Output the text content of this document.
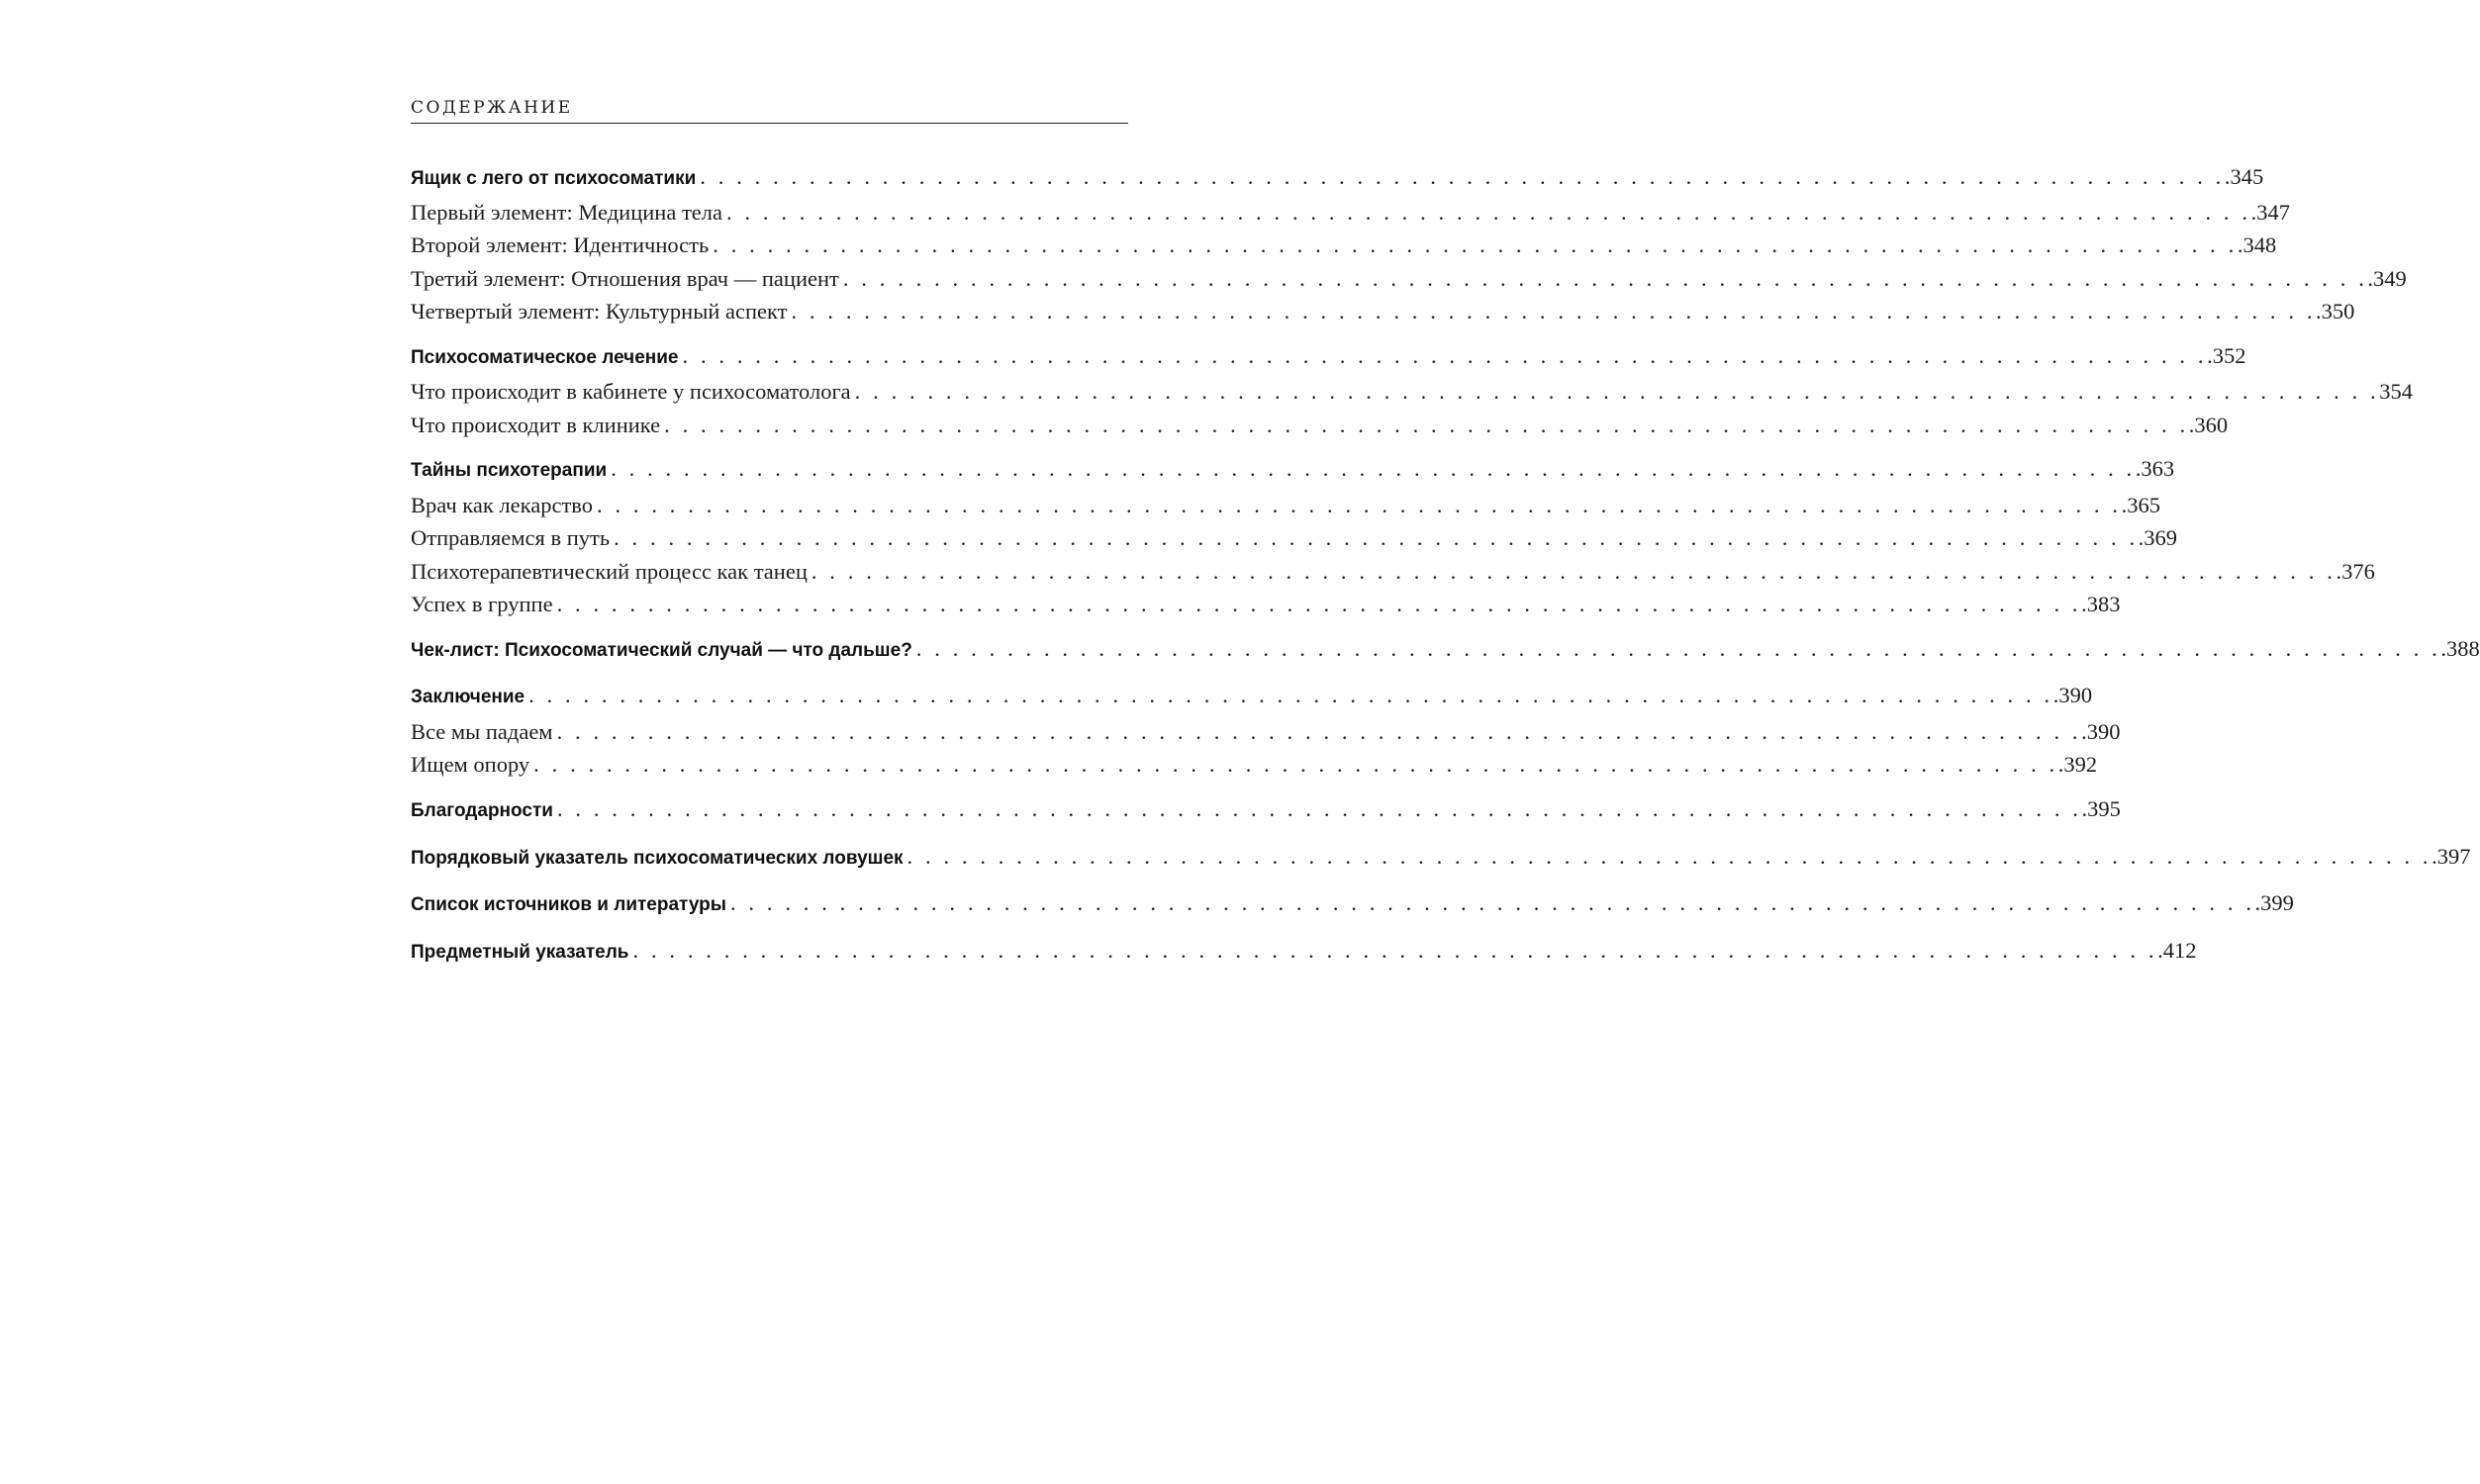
СОДЕРЖАНИЕ
Ящик с лего от психосоматики . . . . . . . . . . . . . . . . . . . . . . . . . . . . . . . . . . . . . . . . . . . . . . . . . . . . . . . . . . . . . . . . . . . . . . . . . . . . . . . . . . . . .345
Первый элемент: Медицина тела . . . . . . . . . . . . . . . . . . . . . . . . . . . . . . . . . . . . . . . . . . . . . . . . . . . . . . . . . . . . . . . . . . . . . . . . . . . . . . . . . . . . .347
Второй элемент: Идентичность . . . . . . . . . . . . . . . . . . . . . . . . . . . . . . . . . . . . . . . . . . . . . . . . . . . . . . . . . . . . . . . . . . . . . . . . . . . . . . . . . . . . .348
Третий элемент: Отношения врач — пациент . . . . . . . . . . . . . . . . . . . . . . . . . . . . . . . . . . . . . . . . . . . . . . . . . . . . . . . . . . . . . . . . . . . . . . . . . . . . . . . . . . . . .349
Четвертый элемент: Культурный аспект . . . . . . . . . . . . . . . . . . . . . . . . . . . . . . . . . . . . . . . . . . . . . . . . . . . . . . . . . . . . . . . . . . . . . . . . . . . . . . . . . . . . .350
Психосоматическое лечение . . . . . . . . . . . . . . . . . . . . . . . . . . . . . . . . . . . . . . . . . . . . . . . . . . . . . . . . . . . . . . . . . . . . . . . . . . . . . . . . . . . . .352
Что происходит в кабинете у психосоматолога . . . . . . . . . . . . . . . . . . . . . . . . . . . . . . . . . . . . . . . . . . . . . . . . . . . . . . . . . . . . . . . . . . . . . . . . . . . . . . . . . . . . 354
Что происходит в клинике . . . . . . . . . . . . . . . . . . . . . . . . . . . . . . . . . . . . . . . . . . . . . . . . . . . . . . . . . . . . . . . . . . . . . . . . . . . . . . . . . . . . .360
Тайны психотерапии . . . . . . . . . . . . . . . . . . . . . . . . . . . . . . . . . . . . . . . . . . . . . . . . . . . . . . . . . . . . . . . . . . . . . . . . . . . . . . . . . . . . .363
Врач как лекарство . . . . . . . . . . . . . . . . . . . . . . . . . . . . . . . . . . . . . . . . . . . . . . . . . . . . . . . . . . . . . . . . . . . . . . . . . . . . . . . . . . . . .365
Отправляемся в путь . . . . . . . . . . . . . . . . . . . . . . . . . . . . . . . . . . . . . . . . . . . . . . . . . . . . . . . . . . . . . . . . . . . . . . . . . . . . . . . . . . . . .369
Психотерапевтический процесс как танец . . . . . . . . . . . . . . . . . . . . . . . . . . . . . . . . . . . . . . . . . . . . . . . . . . . . . . . . . . . . . . . . . . . . . . . . . . . . . . . . . . . . .376
Успех в группе . . . . . . . . . . . . . . . . . . . . . . . . . . . . . . . . . . . . . . . . . . . . . . . . . . . . . . . . . . . . . . . . . . . . . . . . . . . . . . . . . . . . .383
Чек-лист: Психосоматический случай — что дальше? . . . . . . . . . . . . . . . . . . . . . . . . . . . . . . . . . . . . . . . . . . . . . . . . . . . . . . . . . . . . . . . . . . . . . . . . . . . . . . . . . . . . .388
Заключение . . . . . . . . . . . . . . . . . . . . . . . . . . . . . . . . . . . . . . . . . . . . . . . . . . . . . . . . . . . . . . . . . . . . . . . . . . . . . . . . . . . . .390
Все мы падаем . . . . . . . . . . . . . . . . . . . . . . . . . . . . . . . . . . . . . . . . . . . . . . . . . . . . . . . . . . . . . . . . . . . . . . . . . . . . . . . . . . . . .390
Ищем опору . . . . . . . . . . . . . . . . . . . . . . . . . . . . . . . . . . . . . . . . . . . . . . . . . . . . . . . . . . . . . . . . . . . . . . . . . . . . . . . . . . . . .392
Благодарности . . . . . . . . . . . . . . . . . . . . . . . . . . . . . . . . . . . . . . . . . . . . . . . . . . . . . . . . . . . . . . . . . . . . . . . . . . . . . . . . . . . . .395
Порядковый указатель психосоматических ловушек . . . . . . . . . . . . . . . . . . . . . . . . . . . . . . . . . . . . . . . . . . . . . . . . . . . . . . . . . . . . . . . . . . . . . . . . . . . . . . . . . . . . .397
Список источников и литературы . . . . . . . . . . . . . . . . . . . . . . . . . . . . . . . . . . . . . . . . . . . . . . . . . . . . . . . . . . . . . . . . . . . . . . . . . . . . . . . . . . . . .399
Предметный указатель . . . . . . . . . . . . . . . . . . . . . . . . . . . . . . . . . . . . . . . . . . . . . . . . . . . . . . . . . . . . . . . . . . . . . . . . . . . . . . . . . . . . .412
